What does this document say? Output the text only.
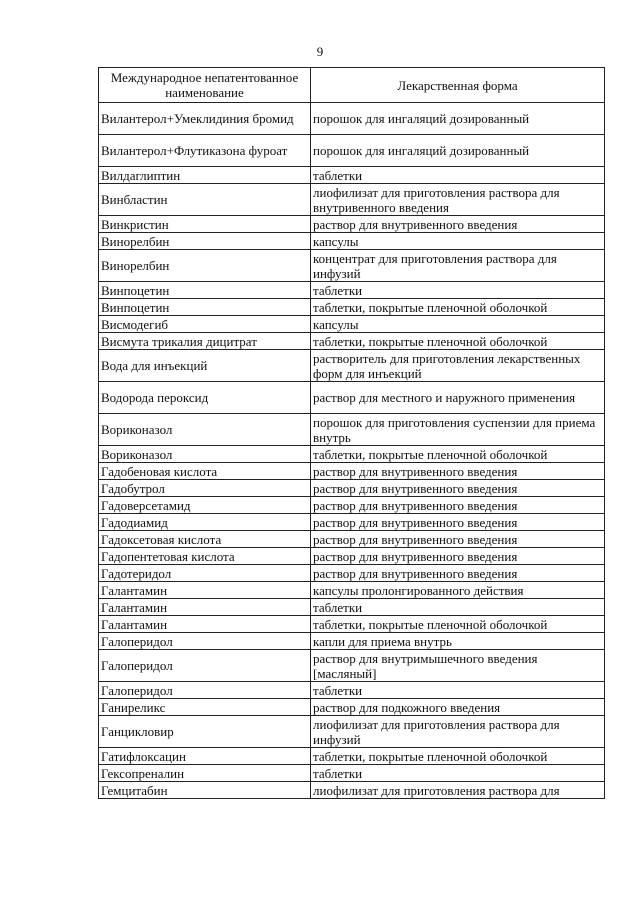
9
Международное непатентованное наименование	Лекарственная форма
Вилантерол+Умеклидиния бромид	порошок для ингаляций дозированный
Вилантерол+Флутиказона фуроат	порошок для ингаляций дозированный
Вилдаглиптин	таблетки
Винбластин	лиофилизат для приготовления раствора для внутривенного введения
Винкристин	раствор для внутривенного введения
Винорелбин	капсулы
Винорелбин	концентрат для приготовления раствора для инфузий
Винпоцетин	таблетки
Винпоцетин	таблетки, покрытые пленочной оболочкой
Висмодегиб	капсулы
Висмута трикалия дицитрат	таблетки, покрытые пленочной оболочкой
Вода для инъекций	растворитель для приготовления лекарственных форм для инъекций
Водорода пероксид	раствор для местного и наружного применения
Вориконазол	порошок для приготовления суспензии для приема внутрь
Вориконазол	таблетки, покрытые пленочной оболочкой
Гадобеновая кислота	раствор для внутривенного введения
Гадобутрол	раствор для внутривенного введения
Гадоверсетамид	раствор для внутривенного введения
Гадодиамид	раствор для внутривенного введения
Гадоксетовая кислота	раствор для внутривенного введения
Гадопентетовая кислота	раствор для внутривенного введения
Гадотеридол	раствор для внутривенного введения
Галантамин	капсулы пролонгированного действия
Галантамин	таблетки
Галантамин	таблетки, покрытые пленочной оболочкой
Галоперидол	капли для приема внутрь
Галоперидол	раствор для внутримышечного введения [масляный]
Галоперидол	таблетки
Ганиреликс	раствор для подкожного введения
Ганцикловир	лиофилизат для приготовления раствора для инфузий
Гатифлоксацин	таблетки, покрытые пленочной оболочкой
Гексопреналин	таблетки
Гемцитабин	лиофилизат для приготовления раствора для
